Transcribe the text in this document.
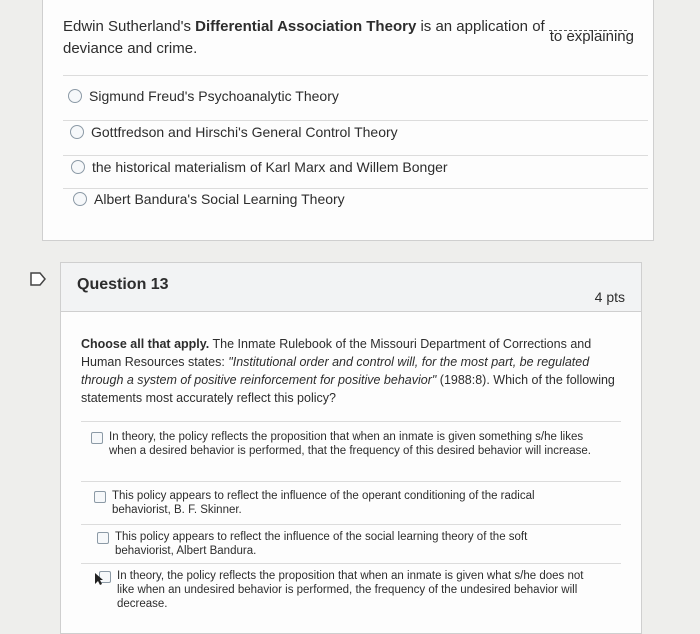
Edwin Sutherland's Differential Association Theory is an application of
to explaining

deviance and crime.
Sigmund Freud's Psychoanalytic Theory
Gottfredson and Hirschi's General Control Theory
the historical materialism of Karl Marx and Willem Bonger
Albert Bandura's Social Learning Theory
Question 13
4 pts
Choose all that apply. The Inmate Rulebook of the Missouri Department of Corrections and Human Resources states: "Institutional order and control will, for the most part, be regulated through a system of positive reinforcement for positive behavior" (1988:8). Which of the following statements most accurately reflect this policy?
In theory, the policy reflects the proposition that when an inmate is given something s/he likes when a desired behavior is performed, that the frequency of this desired behavior will increase.
This policy appears to reflect the influence of the operant conditioning of the radical behaviorist, B. F. Skinner.
This policy appears to reflect the influence of the social learning theory of the soft behaviorist, Albert Bandura.
In theory, the policy reflects the proposition that when an inmate is given what s/he does not like when an undesired behavior is performed, the frequency of the undesired behavior will decrease.
